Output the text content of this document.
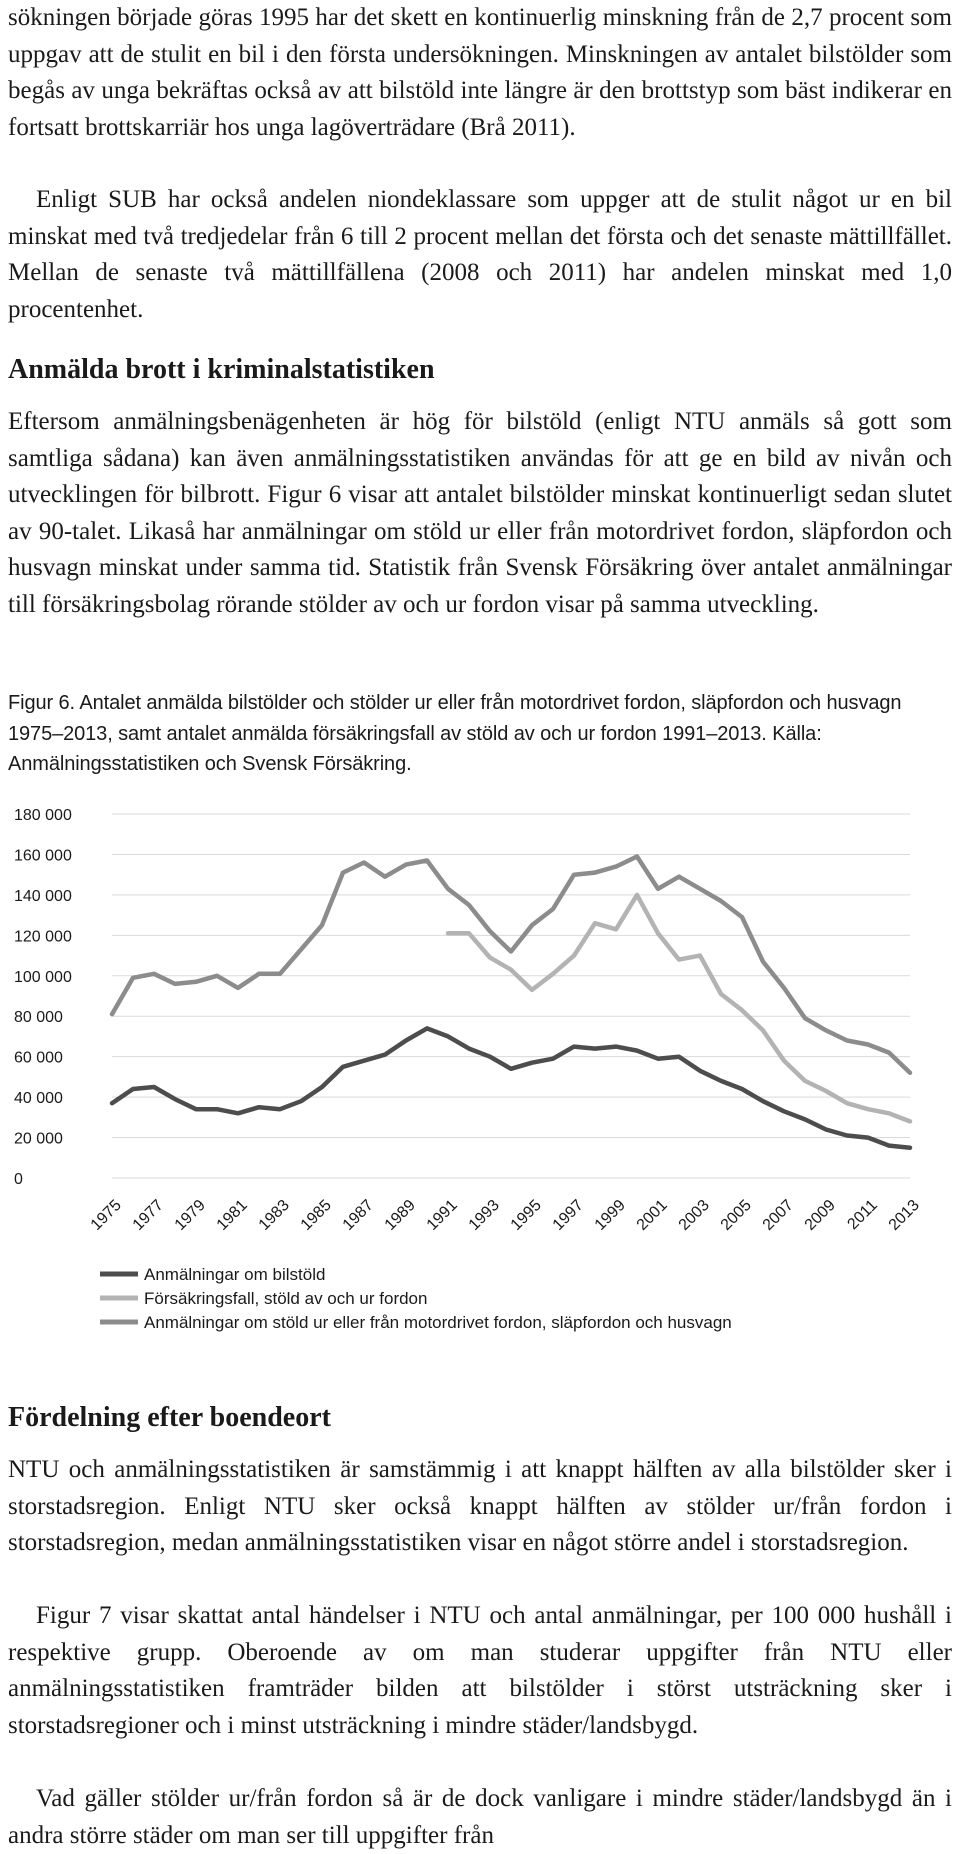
sökningen började göras 1995 har det skett en kontinuerlig minskning från de 2,7 procent som uppgav att de stulit en bil i den första undersökningen. Minskningen av antalet bilstölder som begås av unga bekräftas också av att bilstöld inte längre är den brottstyp som bäst indikerar en fortsatt brottskarriär hos unga lagöverträdare (Brå 2011).

Enligt SUB har också andelen niondeklassare som uppger att de stulit något ur en bil minskat med två tredjedelar från 6 till 2 procent mellan det första och det senaste mättillfället. Mellan de senaste två mättillfällena (2008 och 2011) har andelen minskat med 1,0 procentenhet.

Anmälda brott i kriminalstatistiken

Eftersom anmälningsbenägenheten är hög för bilstöld (enligt NTU anmäls så gott som samtliga sådana) kan även anmälningsstatistiken användas för att ge en bild av nivån och utvecklingen för bilbrott. Figur 6 visar att antalet bilstölder minskat kontinuerligt sedan slutet av 90-talet. Likaså har anmälningar om stöld ur eller från motordrivet fordon, släpfordon och husvagn minskat under samma tid. Statistik från Svensk Försäkring över antalet anmälningar till försäkringsbolag rörande stölder av och ur fordon visar på samma utveckling.

Figur 6. Antalet anmälda bilstölder och stölder ur eller från motordrivet fordon, släpfordon och husvagn 1975–2013, samt antalet anmälda försäkringsfall av stöld av och ur fordon 1991–2013. Källa: Anmälningsstatistiken och Svensk Försäkring.

Fördelning efter boendeort

NTU och anmälningsstatistiken är samstämmig i att knappt hälften av alla bilstölder sker i storstadsregion. Enligt NTU sker också knappt hälften av stölder ur/från fordon i storstadsregion, medan anmälningsstatistiken visar en något större andel i storstadsregion.

Figur 7 visar skattat antal händelser i NTU och antal anmälningar, per 100 000 hushåll i respektive grupp. Oberoende av om man studerar uppgifter från NTU eller anmälningsstatistiken framträder bilden att bilstölder i störst utsträckning sker i storstadsregioner och i minst utsträckning i mindre städer/landsbygd.

Vad gäller stölder ur/från fordon så är de dock vanligare i mindre städer/landsbygd än i andra större städer om man ser till uppgifter från

180 000
160 000
140 000
120 000
100 000
80 000
60 000
40 000
20 000
0
1975 1977 1979 1981 1983 1985 1987 1989 1991 1993 1995 1997 1999 2001 2003 2005 2007 2009 2011 2013
Anmälningar om bilstöld
Försäkringsfall, stöld av och ur fordon
Anmälningar om stöld ur eller från motordrivet fordon, släpfordon och husvagn
